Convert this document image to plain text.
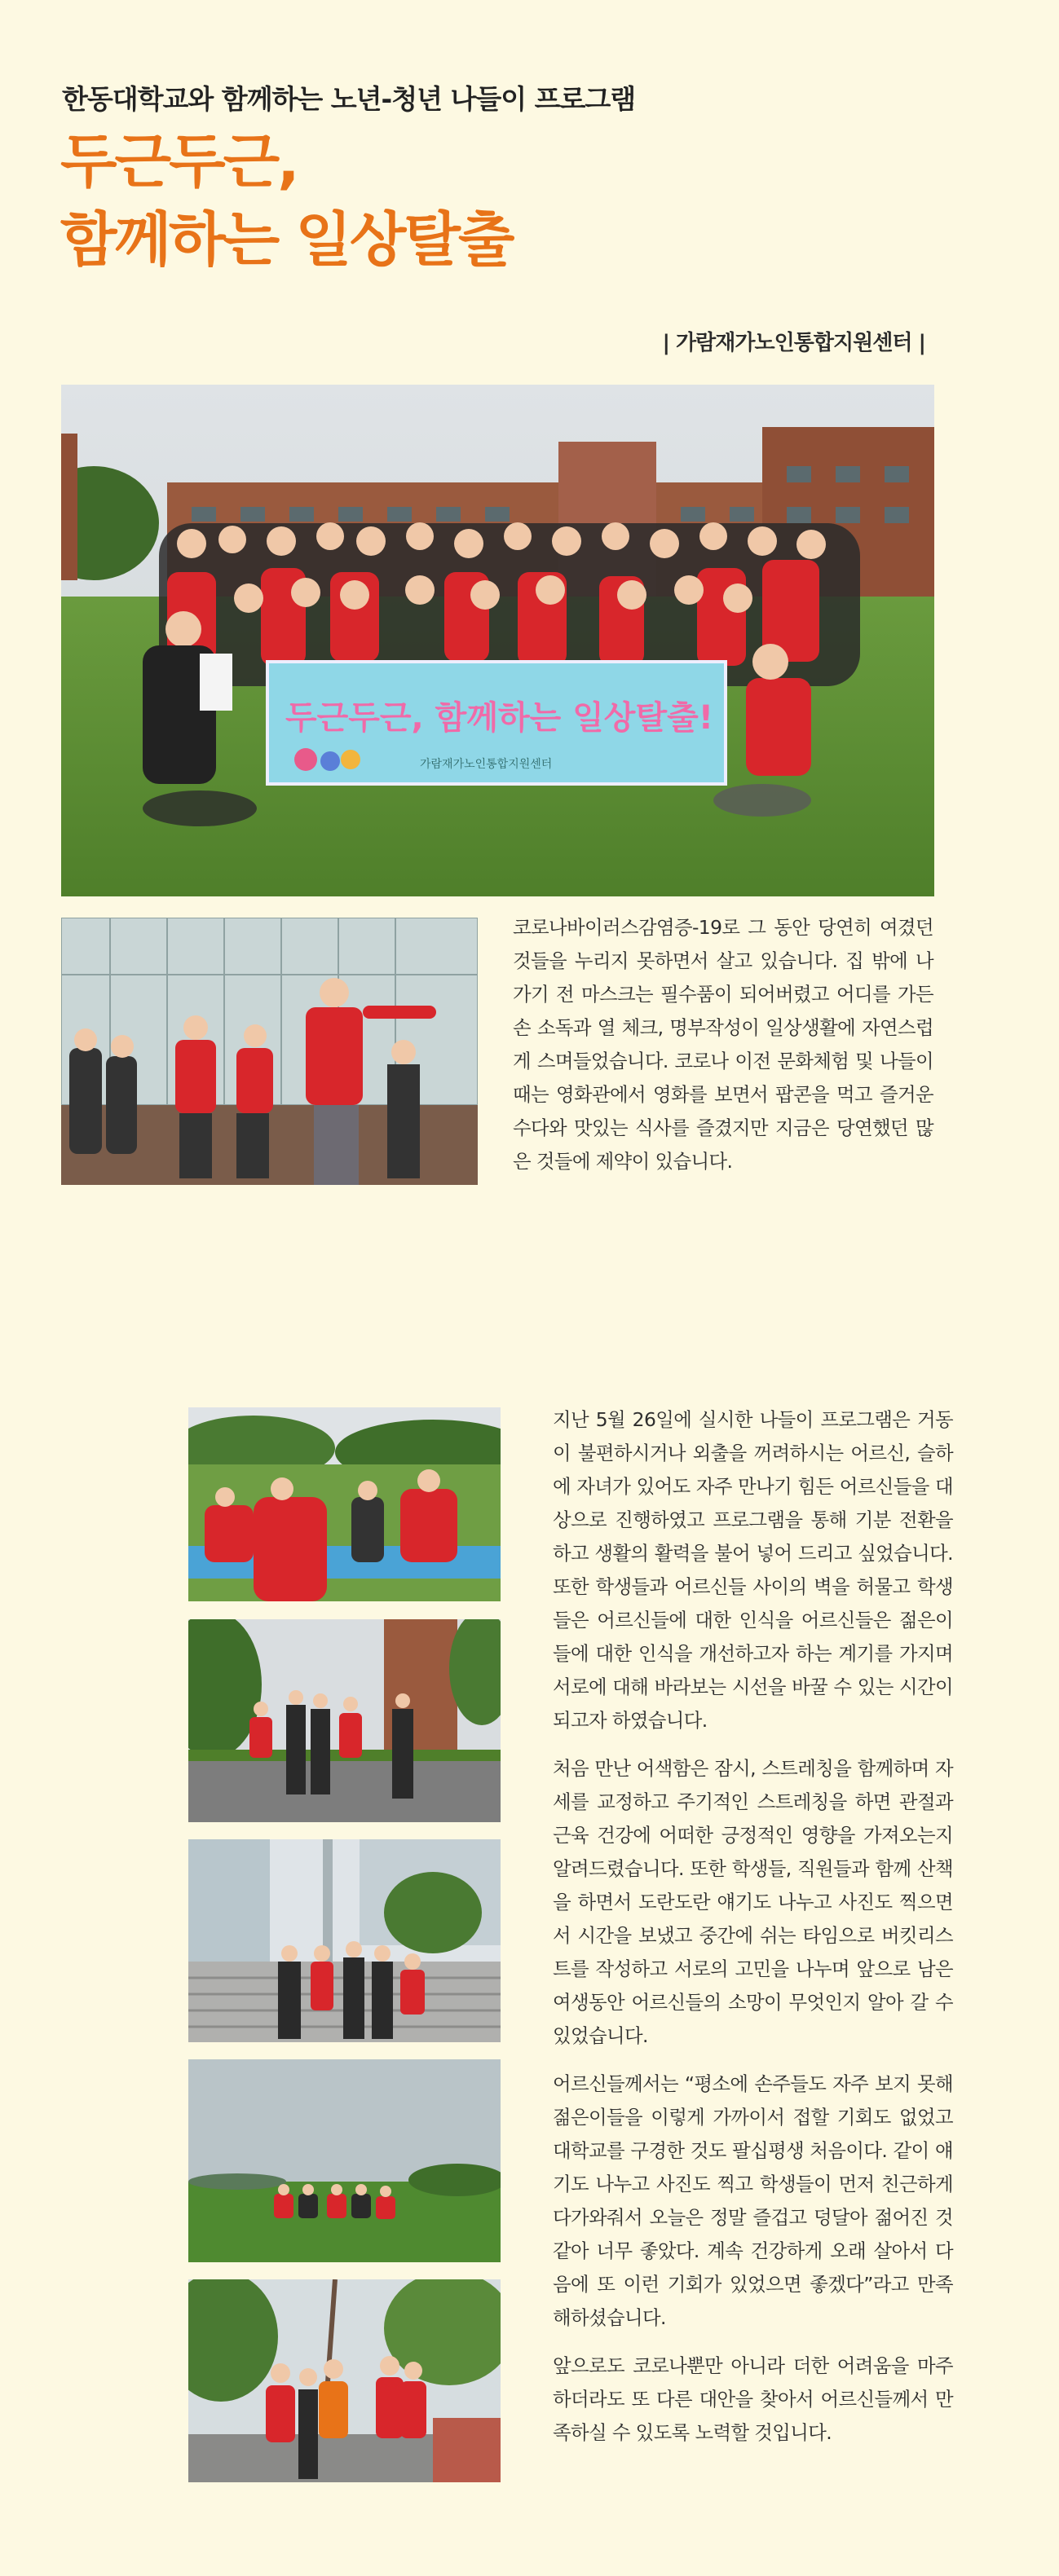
한동대학교와 함께하는 노년-청년 나들이 프로그램
두근두근,
함께하는 일상탈출
| 가람재가노인통합지원센터 |
두근두근, 함께하는 일상탈출!
가람재가노인통합지원센터

코로나바이러스감염증-19로 그 동안 당연히 여겼던 것들을 누리지 못하면서 살고 있습니다. 집 밖에 나가기 전 마스크는 필수품이 되어버렸고 어디를 가든 손 소독과 열 체크, 명부작성이 일상생활에 자연스럽게 스며들었습니다. 코로나 이전 문화체험 및 나들이 때는 영화관에서 영화를 보면서 팝콘을 먹고 즐거운 수다와 맛있는 식사를 즐겼지만 지금은 당연했던 많은 것들에 제약이 있습니다.

지난 5월 26일에 실시한 나들이 프로그램은 거동이 불편하시거나 외출을 꺼려하시는 어르신, 슬하에 자녀가 있어도 자주 만나기 힘든 어르신들을 대상으로 진행하였고 프로그램을 통해 기분 전환을 하고 생활의 활력을 불어 넣어 드리고 싶었습니다. 또한 학생들과 어르신들 사이의 벽을 허물고 학생들은 어르신들에 대한 인식을 어르신들은 젊은이들에 대한 인식을 개선하고자 하는 계기를 가지며 서로에 대해 바라보는 시선을 바꿀 수 있는 시간이 되고자 하였습니다.

처음 만난 어색함은 잠시, 스트레칭을 함께하며 자세를 교정하고 주기적인 스트레칭을 하면 관절과 근육 건강에 어떠한 긍정적인 영향을 가져오는지 알려드렸습니다. 또한 학생들, 직원들과 함께 산책을 하면서 도란도란 얘기도 나누고 사진도 찍으면서 시간을 보냈고 중간에 쉬는 타임으로 버킷리스트를 작성하고 서로의 고민을 나누며 앞으로 남은 여생동안 어르신들의 소망이 무엇인지 알아 갈 수 있었습니다.

어르신들께서는 “평소에 손주들도 자주 보지 못해 젊은이들을 이렇게 가까이서 접할 기회도 없었고 대학교를 구경한 것도 팔십평생 처음이다. 같이 얘기도 나누고 사진도 찍고 학생들이 먼저 친근하게 다가와줘서 오늘은 정말 즐겁고 덩달아 젊어진 것 같아 너무 좋았다. 계속 건강하게 오래 살아서 다음에 또 이런 기회가 있었으면 좋겠다”라고 만족해하셨습니다.

앞으로도 코로나뿐만 아니라 더한 어려움을 마주하더라도 또 다른 대안을 찾아서 어르신들께서 만족하실 수 있도록 노력할 것입니다.
